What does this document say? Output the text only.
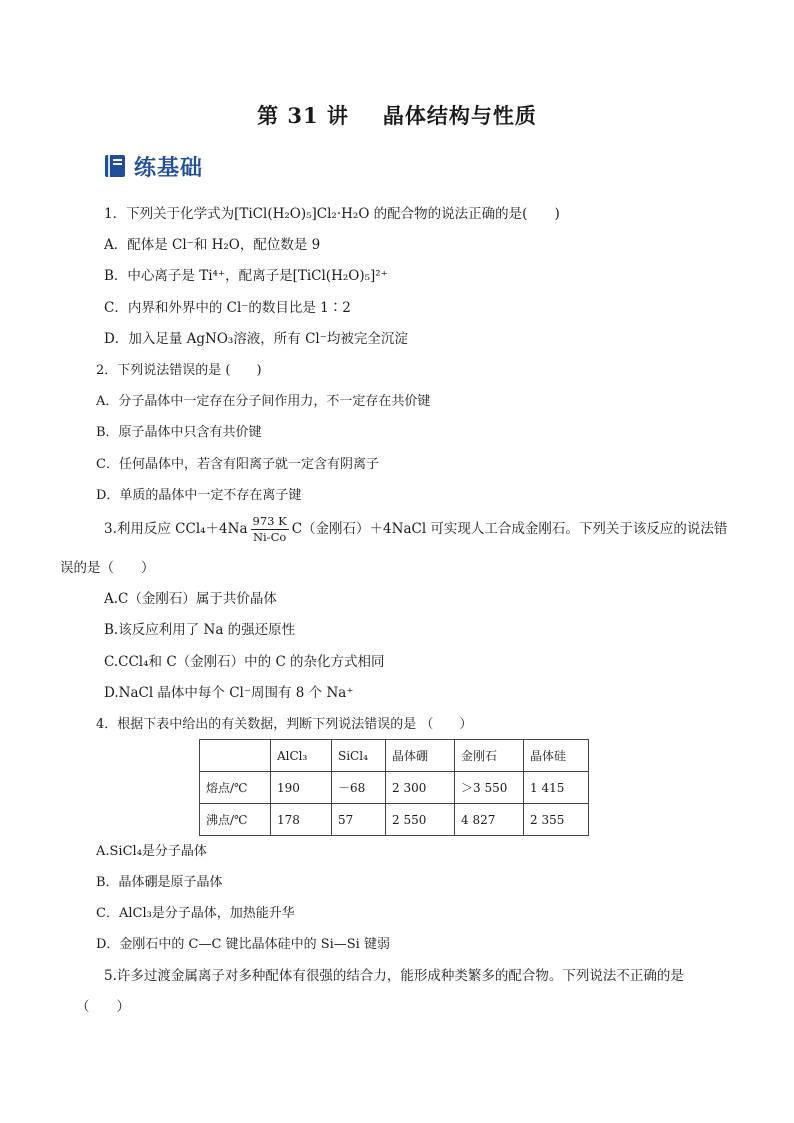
第 31 讲 晶体结构与性质
练基础
1．下列关于化学式为[TiCl(H₂O)₅]Cl₂·H₂O 的配合物的说法正确的是(　　)
A．配体是 Cl⁻和 H₂O，配位数是 9
B．中心离子是 Ti⁴⁺，配离子是[TiCl(H₂O)₅]²⁺
C．内界和外界中的 Cl⁻的数目比是 1∶2
D．加入足量 AgNO₃溶液，所有 Cl⁻均被完全沉淀
2．下列说法错误的是 (　　)
A．分子晶体中一定存在分子间作用力，不一定存在共价键
B．原子晶体中只含有共价键
C．任何晶体中，若含有阳离子就一定含有阴离子
D．单质的晶体中一定不存在离子键
3.利用反应 $CCl_4+4Na \frac{973 K}{Ni-Co} C$（金刚石）＋4NaCl 可实现人工合成金刚石。下列关于该反应的说法错
误的是（　　）
A.C（金刚石）属于共价晶体
B.该反应利用了 Na 的强还原性
C.CCl₄和 C（金刚石）中的 C 的杂化方式相同
D.NaCl 晶体中每个 Cl⁻周围有 8 个 Na⁺
4．根据下表中给出的有关数据，判断下列说法错误的是 （　　）
	AlCl₃	SiCl₄	晶体硼	金刚石	晶体硅
熔点/℃	190	－68	2 300	＞3 550	1 415
沸点/℃	178	57	2 550	4 827	2 355
A.SiCl₄是分子晶体
B．晶体硼是原子晶体
C．AlCl₃是分子晶体，加热能升华
D．金刚石中的 C—C 键比晶体硅中的 Si—Si 键弱
5.许多过渡金属离子对多种配体有很强的结合力，能形成种类繁多的配合物。下列说法不正确的是
（　　）
